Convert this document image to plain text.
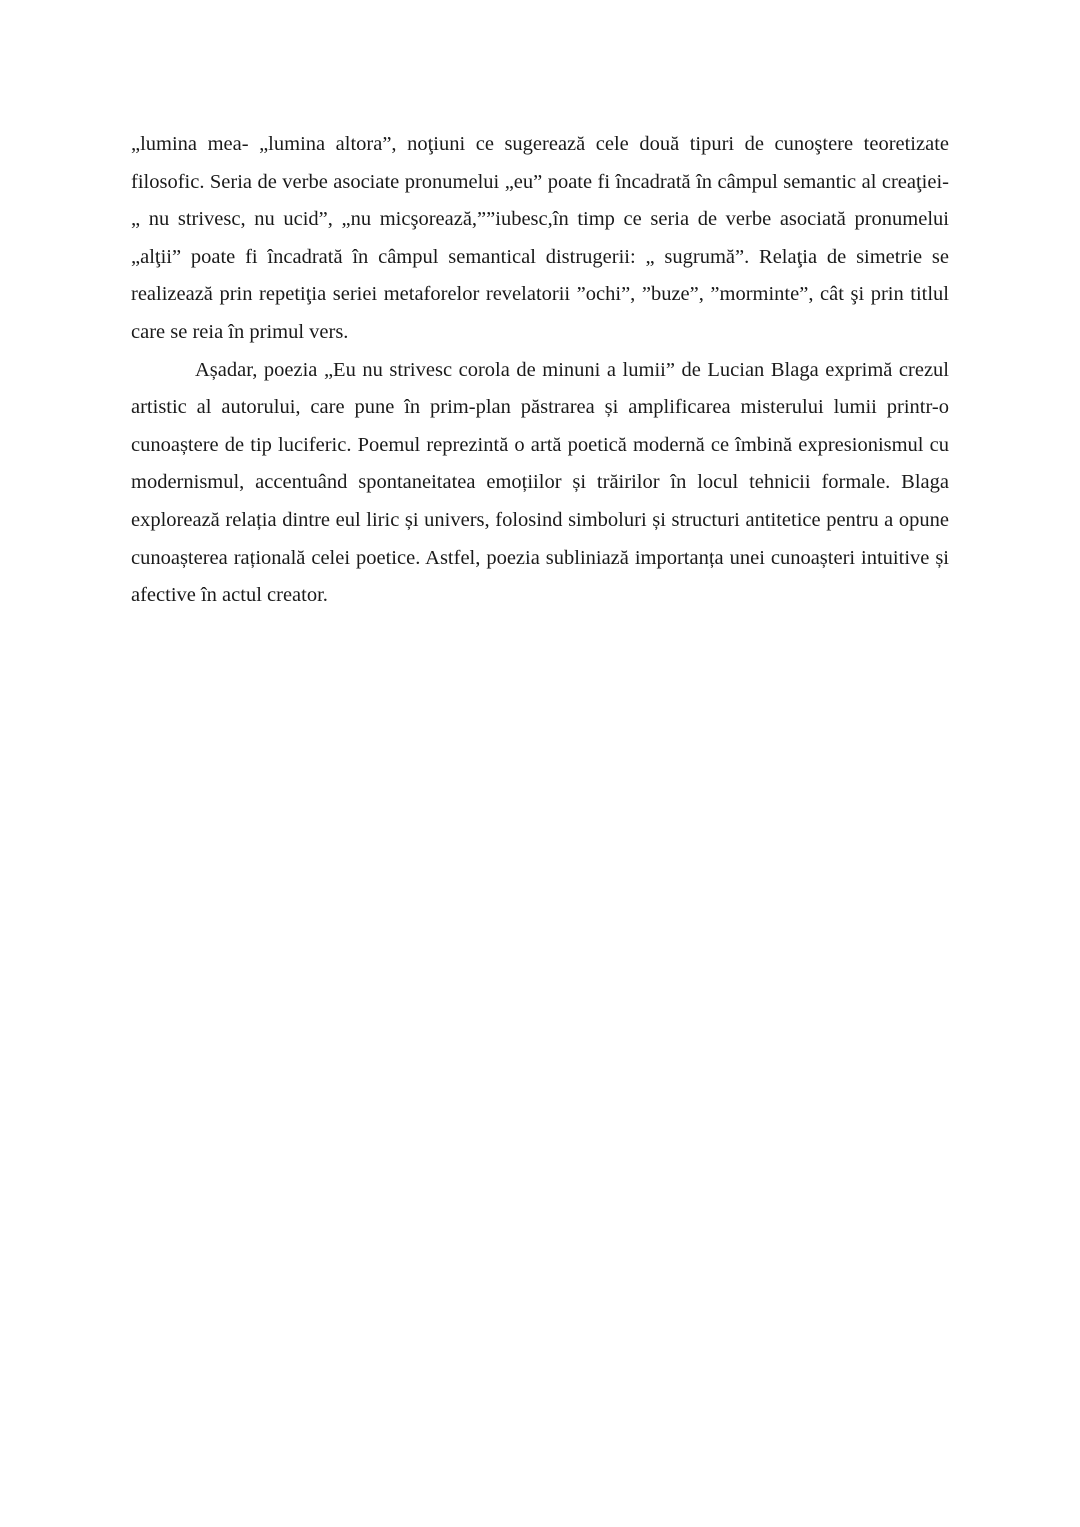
„lumina mea- „lumina altora”, noţiuni ce sugerează cele două tipuri de cunoştere teoretizate filosofic. Seria de verbe asociate pronumelui „eu” poate fi încadrată în câmpul semantic al creaţiei- „ nu strivesc, nu ucid”, „nu micşorează,””iubesc,în timp ce seria de verbe asociată pronumelui „alţii” poate fi încadrată în câmpul semantical distrugerii: „ sugrumă”. Relaţia de simetrie se realizează prin repetiţia seriei metaforelor revelatorii ”ochi”, ”buze”, ”morminte”, cât şi prin titlul care se reia în primul vers.

Așadar, poezia „Eu nu strivesc corola de minuni a lumii” de Lucian Blaga exprimă crezul artistic al autorului, care pune în prim-plan păstrarea și amplificarea misterului lumii printr-o cunoaștere de tip luciferic. Poemul reprezintă o artă poetică modernă ce îmbină expresionismul cu modernismul, accentuând spontaneitatea emoțiilor și trăirilor în locul tehnicii formale. Blaga explorează relația dintre eul liric și univers, folosind simboluri și structuri antitetice pentru a opune cunoașterea rațională celei poetice. Astfel, poezia subliniază importanța unei cunoașteri intuitive și afective în actul creator.
